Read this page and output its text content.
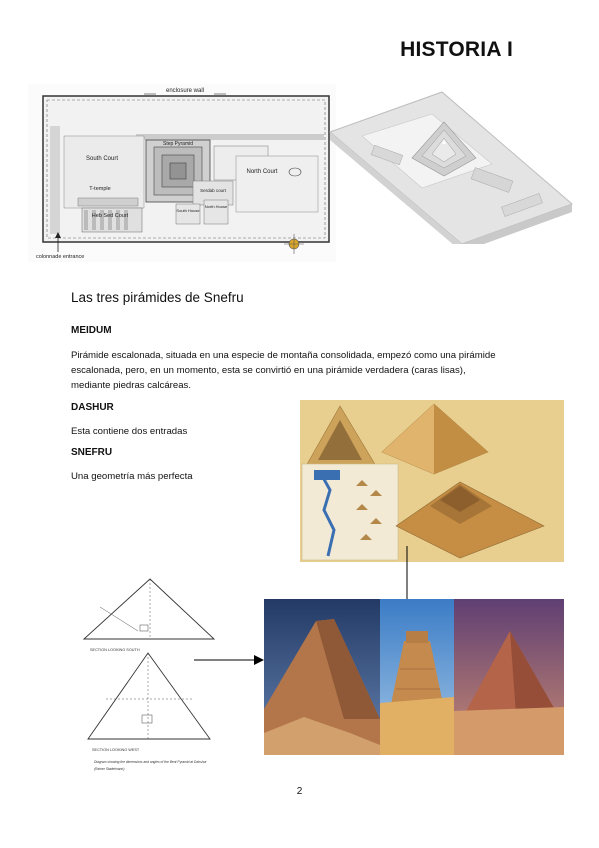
HISTORIA I
enclosure wall
South Court
Step Pyramid
North Court
T-temple
Heb Sed Court
Serdab court
South House
North House
colonnade entrance
Las tres pirámides de Snefru
MEIDUM
Pirámide escalonada, situada en una especie de montaña consolidada, empezó como una pirámide
escalonada, pero, en un momento, esta se convirtió en una pirámide verdadera (caras lisas),
mediante piedras calcáreas.
DASHUR
Esta contiene dos entradas
SNEFRU
Una geometría más perfecta
SECTION LOOKING SOUTH
SECTION LOOKING WEST
Diagram showing the dimensions and angles of the Bent Pyramid at Dahshur
(Rainer Stadelmann)
2
